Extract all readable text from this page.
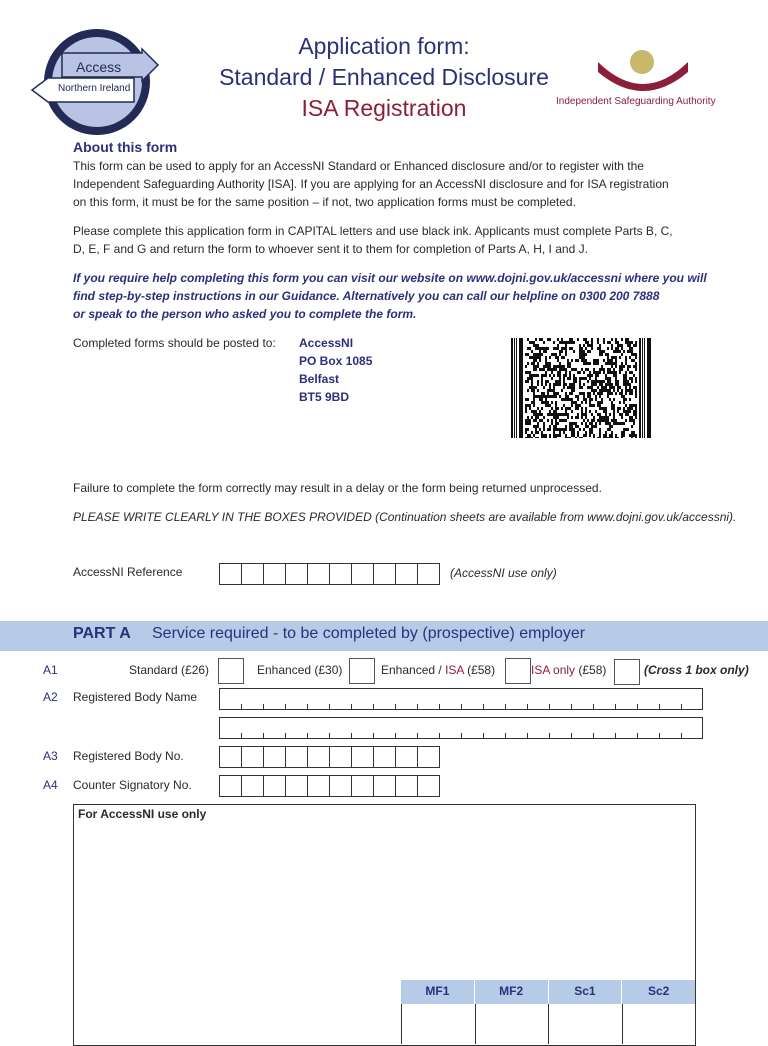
Access
Northern Ireland
Application form:
Standard / Enhanced Disclosure
ISA Registration	Independent Safeguarding Authority
About this form
This form can be used to apply for an AccessNI Standard or Enhanced disclosure and/or to register with the
Independent Safeguarding Authority [ISA]. If you are applying for an AccessNI disclosure and for ISA registration
on this form, it must be for the same position – if not, two application forms must be completed.
Please complete this application form in CAPITAL letters and use black ink. Applicants must complete Parts B, C,
D, E, F and G and return the form to whoever sent it to them for completion of Parts A, H, I and J.
If you require help completing this form you can visit our website on www.dojni.gov.uk/accessni where you will
find step-by-step instructions in our Guidance. Alternatively you can call our helpline on 0300 200 7888
or speak to the person who asked you to complete the form.
Completed forms should be posted to:	AccessNI
PO Box 1085
Belfast
BT5 9BD
Failure to complete the form correctly may result in a delay or the form being returned unprocessed.
PLEASE WRITE CLEARLY IN THE BOXES PROVIDED (Continuation sheets are available from www.dojni.gov.uk/accessni).
AccessNI Reference	(AccessNI use only)
PART A Service required - to be completed by (prospective) employer
A1	Standard (£26)	Enhanced (£30)	Enhanced / ISA (£58)	ISA only (£58)	(Cross 1 box only)
A2 Registered Body Name
A3 Registered Body No.
A4 Counter Signatory No.
For AccessNI use only
MF1	MF2	Sc1	Sc2
